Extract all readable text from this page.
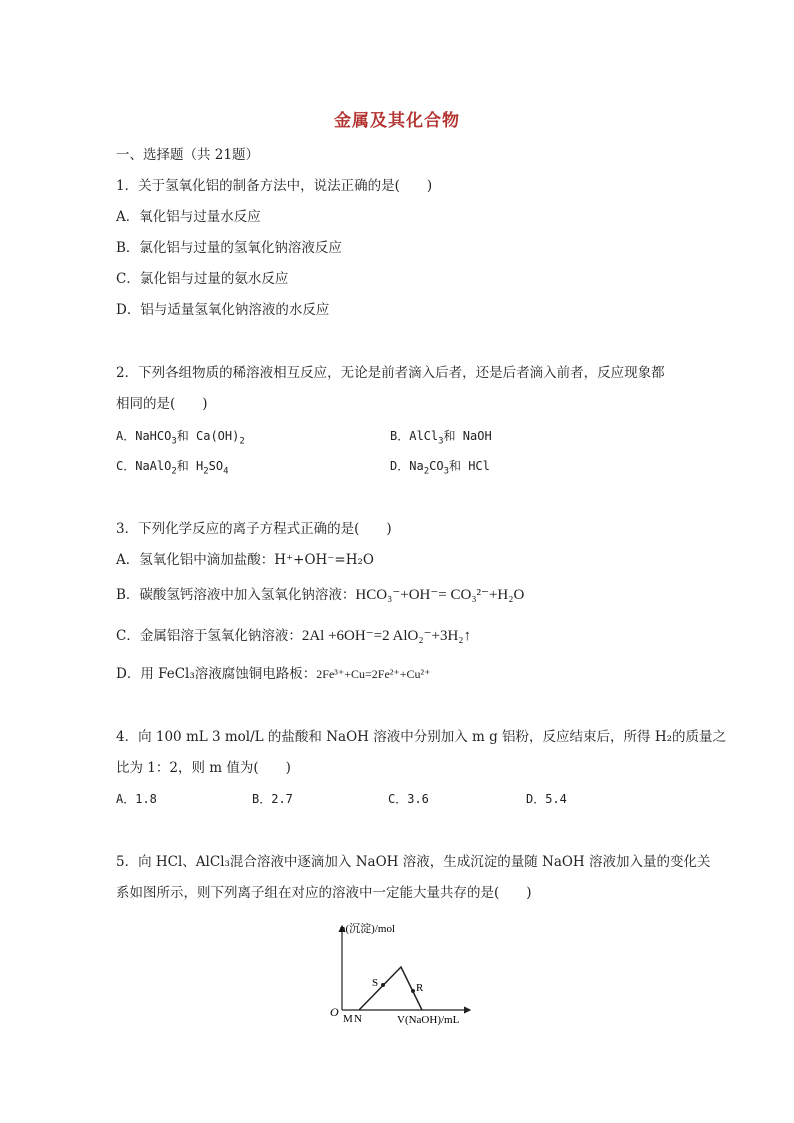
金属及其化合物
一、选择题（共 21题）
1．关于氢氧化铝的制备方法中，说法正确的是(　　)
A．氧化铝与过量水反应
B．氯化铝与过量的氢氧化钠溶液反应
C．氯化铝与过量的氨水反应
D．铝与适量氢氧化钠溶液的水反应
2．下列各组物质的稀溶液相互反应，无论是前者滴入后者，还是后者滴入前者，反应现象都
相同的是(　　)
A．NaHCO$_3$和 $Ca(OH)_2$	B．AlCl$_3$和 NaOH
C．NaAlO$_2$和 $H_2SO_4$	D．$Na_2CO_3$和 HCl
3．下列化学反应的离子方程式正确的是(　　)
A．氢氧化铝中滴加盐酸：H⁺+OH⁻=H₂O
B．碳酸氢钙溶液中加入氢氧化钠溶液：HCO₃⁻+OH⁻= CO₃²⁻+H₂O
C．金属铝溶于氢氧化钠溶液：2Al +6OH⁻=2 AlO₂⁻+3H₂↑
D．用 FeCl₃溶液腐蚀铜电路板：2Fe³⁺+Cu=2Fe²⁺+Cu²⁺
4．向 100 mL 3 mol/L 的盐酸和 NaOH 溶液中分别加入 m g 铝粉，反应结束后，所得 H₂的质量之
比为 1：2，则 m 值为(　　)
A．1.8	B．2.7	C．3.6	D．5.4
5．向 HCl、AlCl₃混合溶液中逐滴加入 NaOH 溶液，生成沉淀的量随 NaOH 溶液加入量的变化关
系如图所示，则下列离子组在对应的溶液中一定能大量共存的是(　　)
n(沉淀)/mol
V(NaOH)/mL
O M N
S	R
